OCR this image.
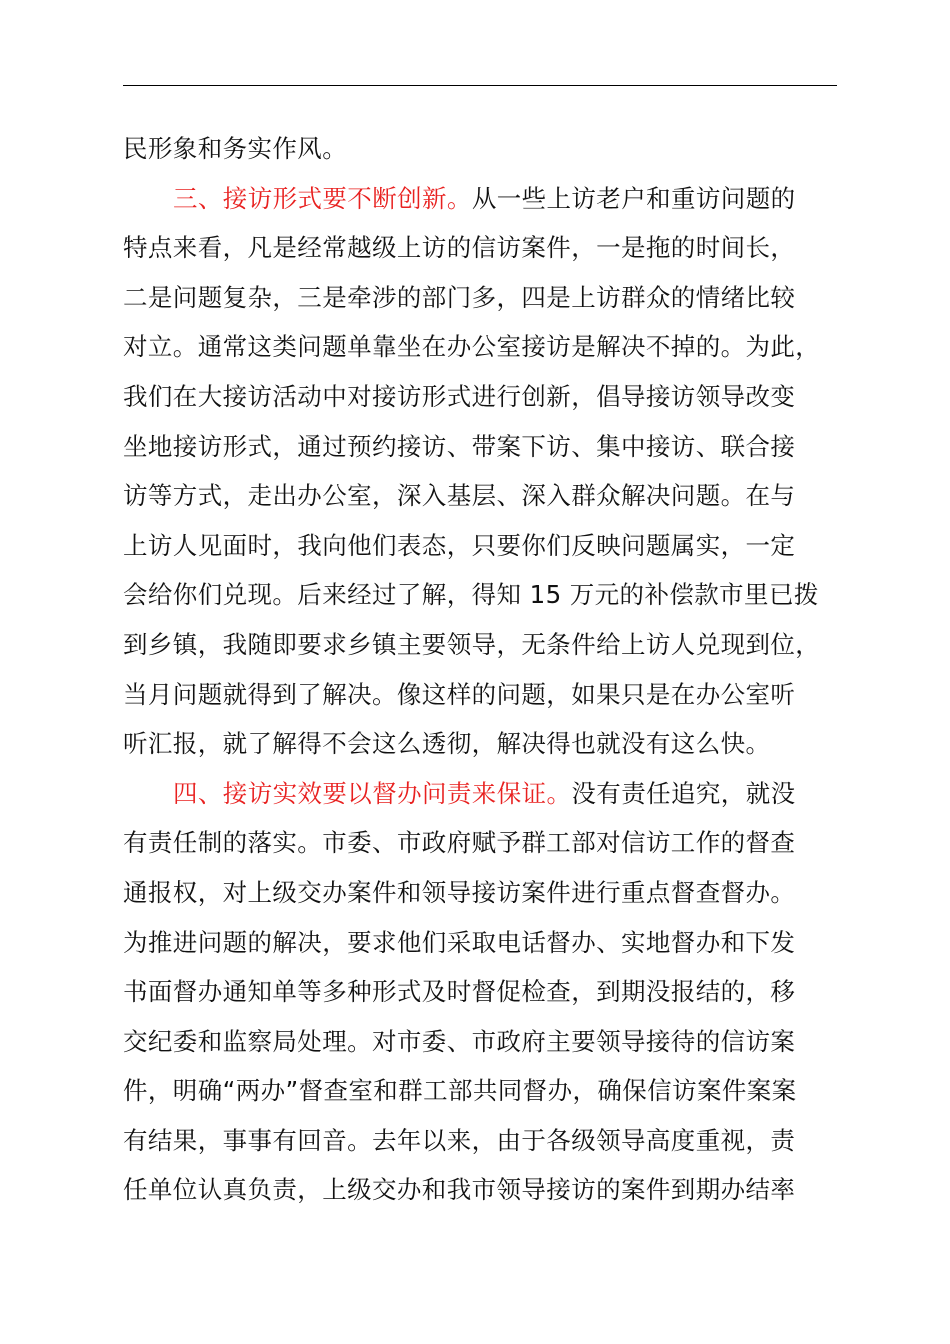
民形象和务实作风。
三、接访形式要不断创新。从一些上访老户和重访问题的
特点来看，凡是经常越级上访的信访案件，一是拖的时间长，
二是问题复杂，三是牵涉的部门多，四是上访群众的情绪比较
对立。通常这类问题单靠坐在办公室接访是解决不掉的。为此，
我们在大接访活动中对接访形式进行创新，倡导接访领导改变
坐地接访形式，通过预约接访、带案下访、集中接访、联合接
访等方式，走出办公室，深入基层、深入群众解决问题。在与
上访人见面时，我向他们表态，只要你们反映问题属实，一定
会给你们兑现。后来经过了解，得知 15 万元的补偿款市里已拨
到乡镇，我随即要求乡镇主要领导，无条件给上访人兑现到位，
当月问题就得到了解决。像这样的问题，如果只是在办公室听
听汇报，就了解得不会这么透彻，解决得也就没有这么快。
四、接访实效要以督办问责来保证。没有责任追究，就没
有责任制的落实。市委、市政府赋予群工部对信访工作的督查
通报权，对上级交办案件和领导接访案件进行重点督查督办。
为推进问题的解决，要求他们采取电话督办、实地督办和下发
书面督办通知单等多种形式及时督促检查，到期没报结的，移
交纪委和监察局处理。对市委、市政府主要领导接待的信访案
件，明确“两办”督查室和群工部共同督办，确保信访案件案案
有结果，事事有回音。去年以来，由于各级领导高度重视，责
任单位认真负责，上级交办和我市领导接访的案件到期办结率
